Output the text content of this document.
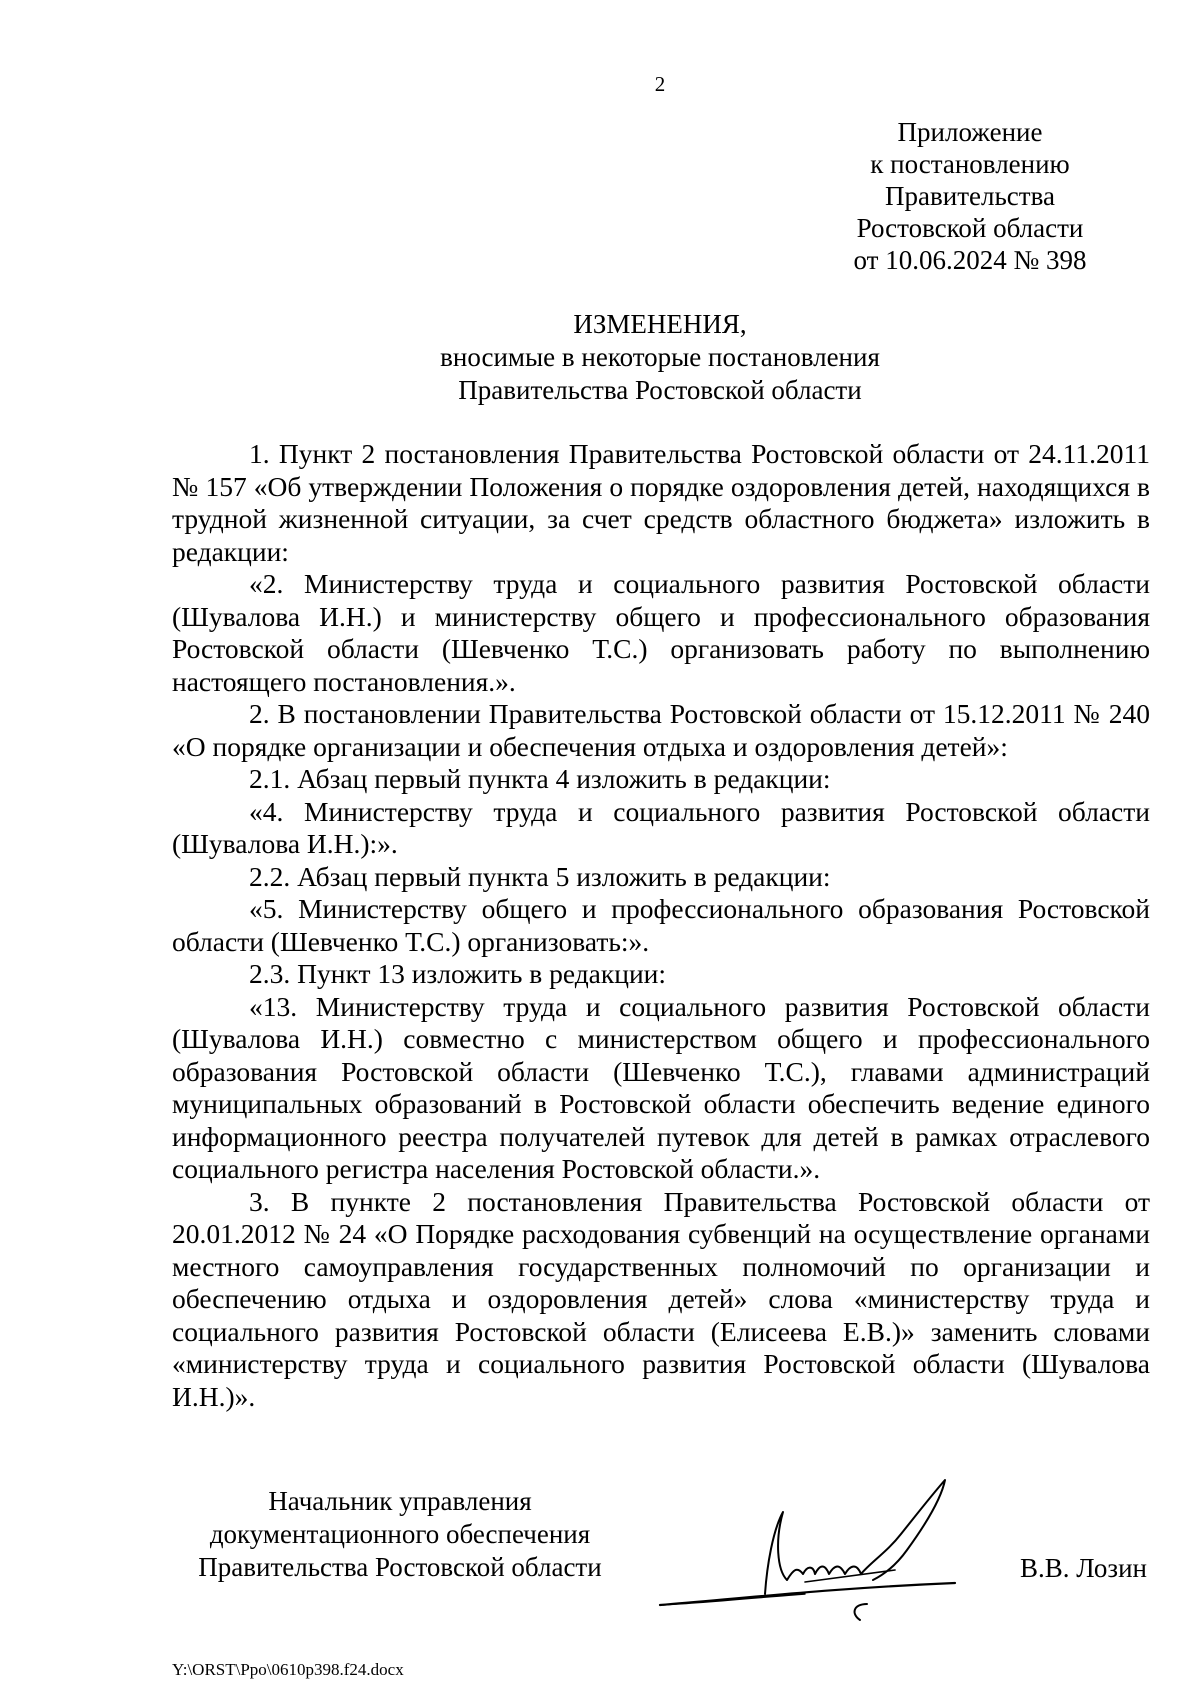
2
Приложение
к постановлению
Правительства
Ростовской области
от 10.06.2024 № 398
ИЗМЕНЕНИЯ,
вносимые в некоторые постановления
Правительства Ростовской области

1. Пункт 2 постановления Правительства Ростовской области от 24.11.2011 № 157 «Об утверждении Положения о порядке оздоровления детей, находящихся в трудной жизненной ситуации, за счет средств областного бюджета» изложить в редакции:

«2. Министерству труда и социального развития Ростовской области (Шувалова И.Н.) и министерству общего и профессионального образования Ростовской области (Шевченко Т.С.) организовать работу по выполнению настоящего постановления.».

2. В постановлении Правительства Ростовской области от 15.12.2011 № 240 «О порядке организации и обеспечения отдыха и оздоровления детей»:

2.1. Абзац первый пункта 4 изложить в редакции:

«4. Министерству труда и социального развития Ростовской области (Шувалова И.Н.):».

2.2. Абзац первый пункта 5 изложить в редакции:

«5. Министерству общего и профессионального образования Ростовской области (Шевченко Т.С.) организовать:».

2.3. Пункт 13 изложить в редакции:

«13. Министерству труда и социального развития Ростовской области (Шувалова И.Н.) совместно с министерством общего и профессионального образования Ростовской области (Шевченко Т.С.), главами администраций муниципальных образований в Ростовской области обеспечить ведение единого информационного реестра получателей путевок для детей в рамках отраслевого социального регистра населения Ростовской области.».

3. В пункте 2 постановления Правительства Ростовской области от 20.01.2012 № 24 «О Порядке расходования субвенций на осуществление органами местного самоуправления государственных полномочий по организации и обеспечению отдыха и оздоровления детей» слова «министерству труда и социального развития Ростовской области (Елисеева Е.В.)» заменить словами «министерству труда и социального развития Ростовской области (Шувалова И.Н.)».

Начальник управления
документационного обеспечения
Правительства Ростовской области	В.В. Лозин
Y:\ORST\Ppo\0610p398.f24.docx
